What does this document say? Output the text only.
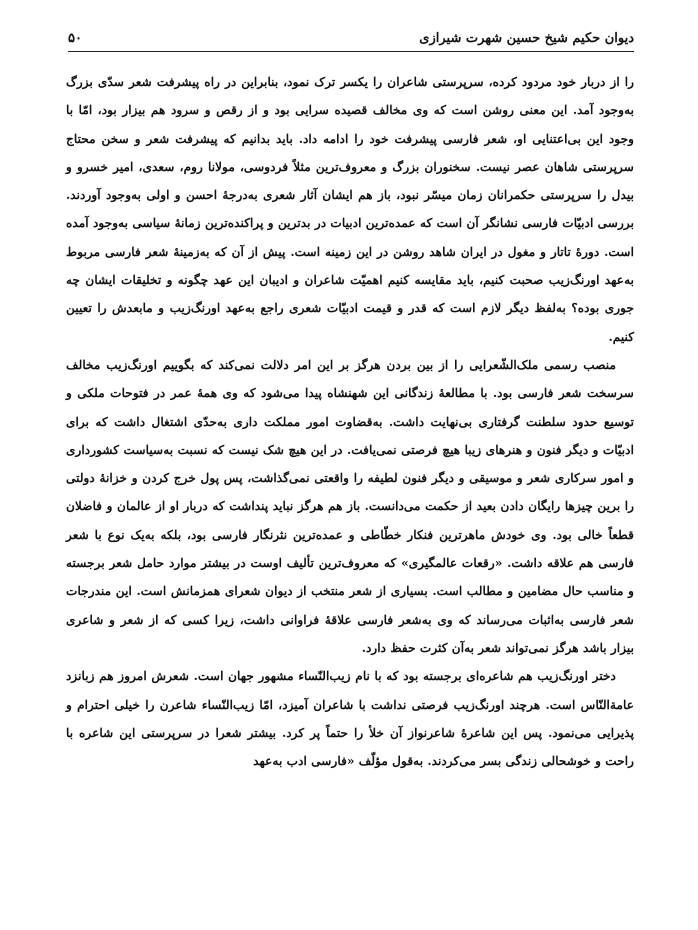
دیوان حکیم شیخ حسین شهرت شیرازی
۵۰

را از دربار خود مردود کرده، سرپرستی شاعران را یکسر ترک نمود، بنابراین در راه پیشرفت شعر سدّی بزرگ به‌وجود آمد. این معنی روشن است که وی مخالف قصیده سرایی بود و از رقص و سرود هم بیزار بود، امّا با وجود این بی‌اعتنایی او، شعر فارسی پیشرفت خود را ادامه داد. باید بدانیم که پیشرفت شعر و سخن محتاج سرپرستی شاهان عصر نیست. سخنوران بزرگ و معروف‌ترین مثلاً فردوسی، مولانا روم، سعدی، امیر خسرو و بیدل را سرپرستی حکمرانان زمان میسّر نبود، باز هم ایشان آثار شعری به‌درجهٔ احسن و اولی به‌وجود آوردند. بررسی ادبیّات فارسی نشانگر آن است که عمده‌ترین ادبیات در بدترین و پراکنده‌ترین زمانهٔ سیاسی به‌وجود آمده است. دورهٔ تاتار و مغول در ایران شاهد روشن در این زمینه است. پیش از آن که به‌زمینهٔ شعر فارسی مربوط به‌عهد اورنگ‌زیب صحبت کنیم، باید مقایسه کنیم اهمیّت شاعران و ادیبان این عهد چگونه و تخلیقات ایشان چه جوری بوده؟ به‌لفظ دیگر لازم است که قدر و قیمت ادبیّات شعری راجع به‌عهد اورنگ‌زیب و مابعدش را تعیین کنیم.

منصب رسمی ملک‌الشّعرایی را از بین بردن هرگز بر این امر دلالت نمی‌کند که بگوییم اورنگ‌زیب مخالف سرسخت شعر فارسی بود. با مطالعهٔ زندگانی این شهنشاه پیدا می‌شود که وی همهٔ عمر در فتوحات ملکی و توسیع حدود سلطنت گرفتاری بی‌نهایت داشت. به‌قضاوت امور مملکت داری به‌حدّی اشتغال داشت که برای ادبیّات و دیگر فنون و هنرهای زیبا هیچ فرصتی نمی‌یافت. در این هیچ شک نیست که نسبت به‌سیاست کشورداری و امور سرکاری شعر و موسیقی و دیگر فنون لطیفه را واقعتی نمی‌گذاشت، پس پول خرج کردن و خزانهٔ دولتی را برین چیزها رایگان دادن بعید از حکمت می‌دانست. باز هم هرگز نباید پنداشت که دربار او از عالمان و فاضلان قطعاً خالی بود. وی خودش ماهرترین فنکار خطّاطی و عمده‌ترین نثرنگار فارسی بود، بلکه به‌یک نوع با شعر فارسی هم علاقه داشت. «رقعات عالمگیری» که معروف‌ترین تألیف اوست در بیشتر موارد حامل شعر برجسته و مناسب حال مضامین و مطالب است. بسیاری از شعر منتخب از دیوان شعرای همزمانش است. این مندرجات شعر فارسی به‌اثبات می‌رساند که وی به‌شعر فارسی علاقهٔ فراوانی داشت، زیرا کسی که از شعر و شاعری بیزار باشد هرگز نمی‌تواند شعر به‌آن کثرت حفظ دارد.

دختر اورنگ‌زیب هم شاعره‌ای برجسته بود که با نام زیب‌النّساء مشهور جهان است. شعرش امروز هم زبانزد عامة‌النّاس است. هرچند اورنگ‌زیب فرصتی نداشت با شاعران آمیزد، امّا زیب‌النّساء شاعرن را خیلی احترام و پذیرایی می‌نمود. پس این شاعرهٔ شاعرنواز آن خلأ را حتماً پر کرد. بیشتر شعرا در سرپرستی این شاعره با راحت و خوشحالی زندگی بسر می‌کردند. به‌قول مؤلّف «فارسی ادب به‌عهد
